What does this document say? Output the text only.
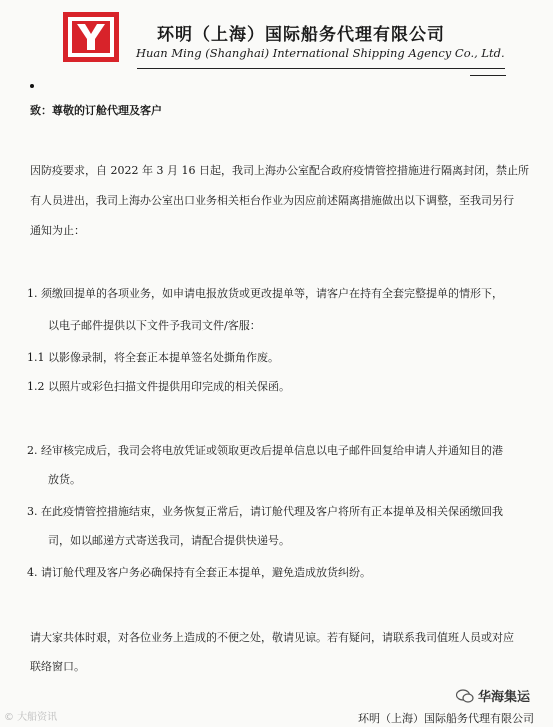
环明（上海）国际船务代理有限公司
Huan Ming (Shanghai) International Shipping Agency Co., Ltd.
致：尊敬的订舱代理及客户
因防疫要求，自 2022 年 3 月 16 日起，我司上海办公室配合政府疫情管控措施进行隔离封闭，禁止所
有人员进出，我司上海办公室出口业务相关柜台作业为因应前述隔离措施做出以下调整，至我司另行
通知为止：
1. 须缴回提单的各项业务，如申请电报放货或更改提单等，请客户在持有全套完整提单的情形下，
以电子邮件提供以下文件予我司文件/客服：
1.1 以影像录制，将全套正本提单签名处撕角作废。
1.2 以照片或彩色扫描文件提供用印完成的相关保函。
2. 经审核完成后，我司会将电放凭证或领取更改后提单信息以电子邮件回复给申请人并通知目的港
放货。
3. 在此疫情管控措施结束，业务恢复正常后，请订舱代理及客户将所有正本提单及相关保函缴回我
司，如以邮递方式寄送我司，请配合提供快递号。
4. 请订舱代理及客户务必确保持有全套正本提单，避免造成放货纠纷。
请大家共体时艰，对各位业务上造成的不便之处，敬请见谅。若有疑问，请联系我司值班人员或对应
联络窗口。
环明（上海）国际船务代理有限公司
© 大船资讯
华海集运
